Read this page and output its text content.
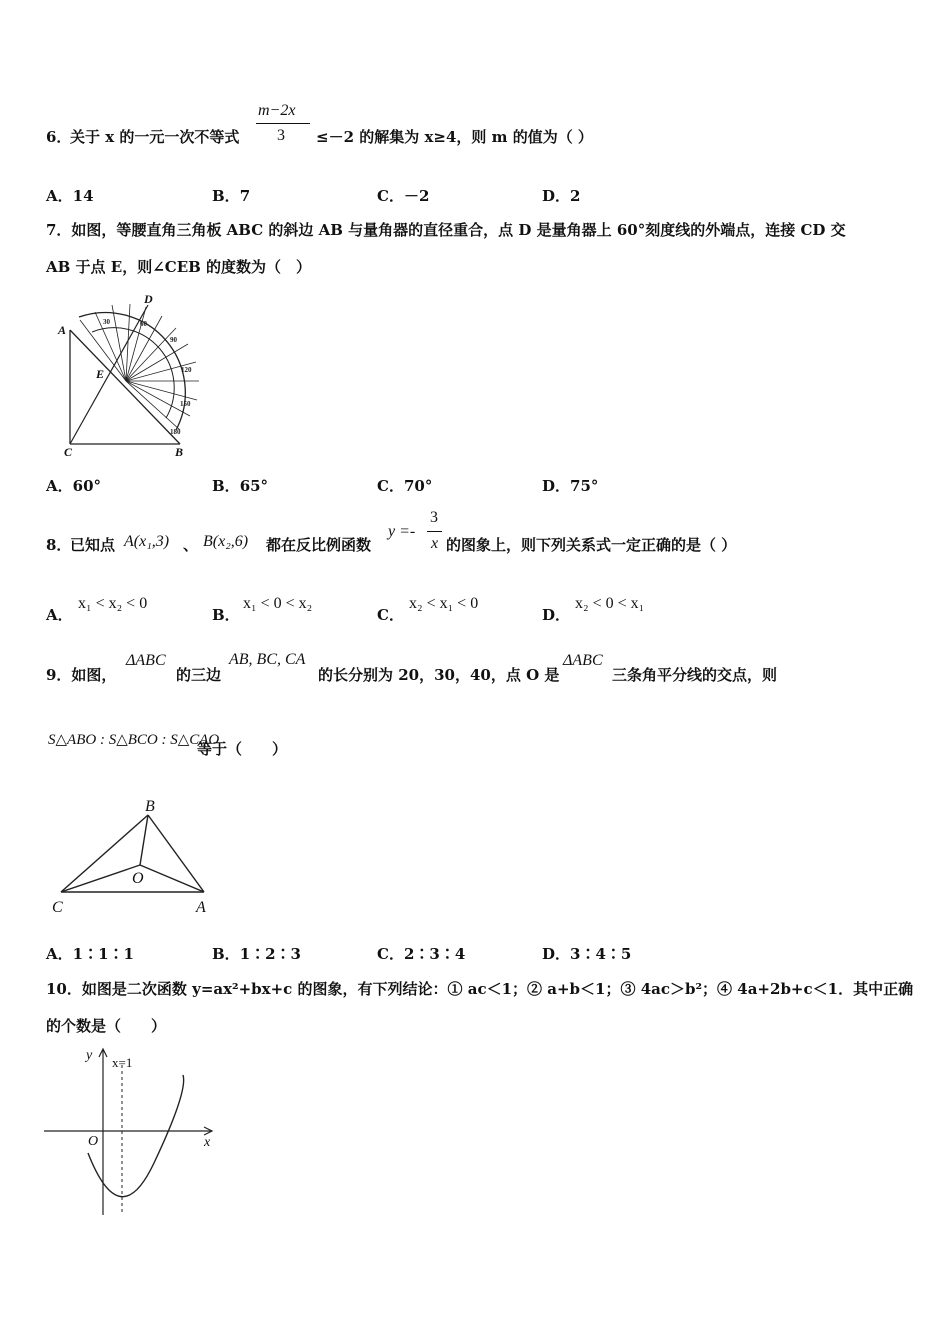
6．
关于 x 的一元一次不等式
m−2x
3 ≤－2 的解集为 x≥4，则 m 的值为（ ）
A．14	B．7	C．－2	D．2
7．如图，等腰直角三角板 ABC 的斜边 AB 与量角器的直径重合，点 D 是量角器上 60°刻度线的外端点，连接 CD 交
AB 于点 E，则∠CEB 的度数为（　）
30	60
90
120
150
180
A
D
E
C	B
A．60°	B．65°	C．70°	D．75°
8．
已知点 A(x₁,3) 、 B(x₂,6) 都在反比例函数
y =-
3
x 的图象上，则下列关系式一定正确的是（ ）
A．
x₁ < x₂ < 0
B．
x₁ < 0 < x₂
C．
x₂ < x₁ < 0
D．
x₂ < 0 < x₁
9．如图，
ΔABC
的三边
AB, BC, CA
的长分别为 20，30，40，点 O 是
ΔABC
三条角平分线的交点，则
S△ABO : S△BCO : S△CAO
等于（　　）
B
O
C	A
A．1∶1∶1	B．1∶2∶3	C．2∶3∶4	D．3∶4∶5
10．如图是二次函数 y=ax²+bx+c 的图象，有下列结论：① ac＜1；② a+b＜1；③ 4ac＞b²；④ 4a+2b+c＜1．其中正确
的个数是（　　）
y x=1
O	x
